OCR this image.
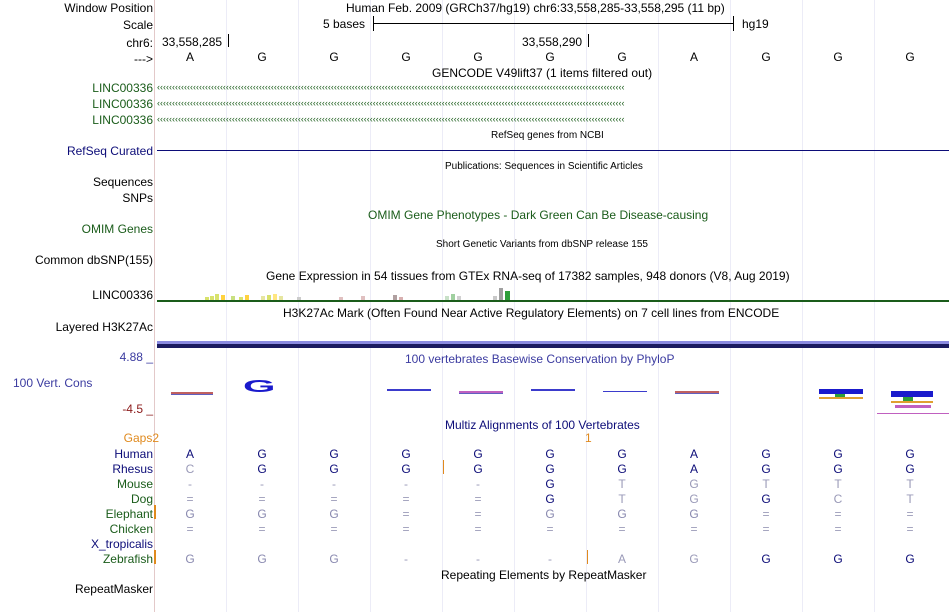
Window Position	Human Feb. 2009 (GRCh37/hg19) chr6:33,558,285-33,558,295 (11 bp)
Scale	5 bases	hg19
chr6: 33,558,285	33,558,290
--->	A	G	G	G	G	G	G	A	G	G	G
GENCODE V49lift37 (1 items filtered out)
LINC00336
LINC00336
LINC00336
‹‹‹‹‹‹‹‹‹‹‹‹‹‹‹‹‹‹‹‹‹‹‹‹‹‹‹‹‹‹‹‹‹‹‹‹‹‹‹‹‹‹‹‹‹‹‹‹‹‹‹‹‹‹‹‹‹‹‹‹‹‹‹‹‹‹‹‹‹‹‹‹‹‹‹‹‹‹‹‹‹‹‹‹‹‹‹‹‹‹‹‹‹‹‹‹‹‹‹‹‹‹‹‹‹‹‹‹‹‹‹‹‹‹‹‹‹‹‹‹‹‹‹‹‹‹‹‹‹‹‹‹‹‹‹‹‹‹‹‹‹‹‹‹‹‹‹‹‹‹‹‹‹‹‹‹
‹‹‹‹‹‹‹‹‹‹‹‹‹‹‹‹‹‹‹‹‹‹‹‹‹‹‹‹‹‹‹‹‹‹‹‹‹‹‹‹‹‹‹‹‹‹‹‹‹‹‹‹‹‹‹‹‹‹‹‹‹‹‹‹‹‹‹‹‹‹‹‹‹‹‹‹‹‹‹‹‹‹‹‹‹‹‹‹‹‹‹‹‹‹‹‹‹‹‹‹‹‹‹‹‹‹‹‹‹‹‹‹‹‹‹‹‹‹‹‹‹‹‹‹‹‹‹‹‹‹‹‹‹‹‹‹‹‹‹‹‹‹‹‹‹‹‹‹‹‹‹‹‹‹‹‹
‹‹‹‹‹‹‹‹‹‹‹‹‹‹‹‹‹‹‹‹‹‹‹‹‹‹‹‹‹‹‹‹‹‹‹‹‹‹‹‹‹‹‹‹‹‹‹‹‹‹‹‹‹‹‹‹‹‹‹‹‹‹‹‹‹‹‹‹‹‹‹‹‹‹‹‹‹‹‹‹‹‹‹‹‹‹‹‹‹‹‹‹‹‹‹‹‹‹‹‹‹‹‹‹‹‹‹‹‹‹‹‹‹‹‹‹‹‹‹‹‹‹‹‹‹‹‹‹‹‹‹‹‹‹‹‹‹‹‹‹‹‹‹‹‹‹‹‹‹‹‹‹‹‹‹‹
RefSeq genes from NCBI
RefSeq Curated
Publications: Sequences in Scientific Articles
Sequences
SNPs
OMIM Gene Phenotypes - Dark Green Can Be Disease-causing
OMIM Genes
Short Genetic Variants from dbSNP release 155
Common dbSNP(155)
Gene Expression in 54 tissues from GTEx RNA-seq of 17382 samples, 948 donors (V8, Aug 2019)
LINC00336
H3K27Ac Mark (Often Found Near Active Regulatory Elements) on 7 cell lines from ENCODE
Layered H3K27Ac
100 vertebrates Basewise Conservation by PhyloP
4.88 _
100 Vert. Cons
-4.5 _
G
Multiz Alignments of 100 Vertebrates
Gaps2	1
Human	A	G	G	G	G	G	G	A	G	G	G
Rhesus	C	G	G	G	G	G	G	A	G	G	G
Mouse	-	-	-	-	-	G	T	G	T	T	T
Dog	=	=	=	=	=	G	T	G	G	C	T
Elephant	G	G	G	=	=	G	G	G	=	=	=
Chicken	=	=	=	=	=	=	=	=	=	=	=
X_tropicalis
Zebrafish	G	G	G	-	-	-	A	G	G	G	G
Repeating Elements by RepeatMasker
RepeatMasker
